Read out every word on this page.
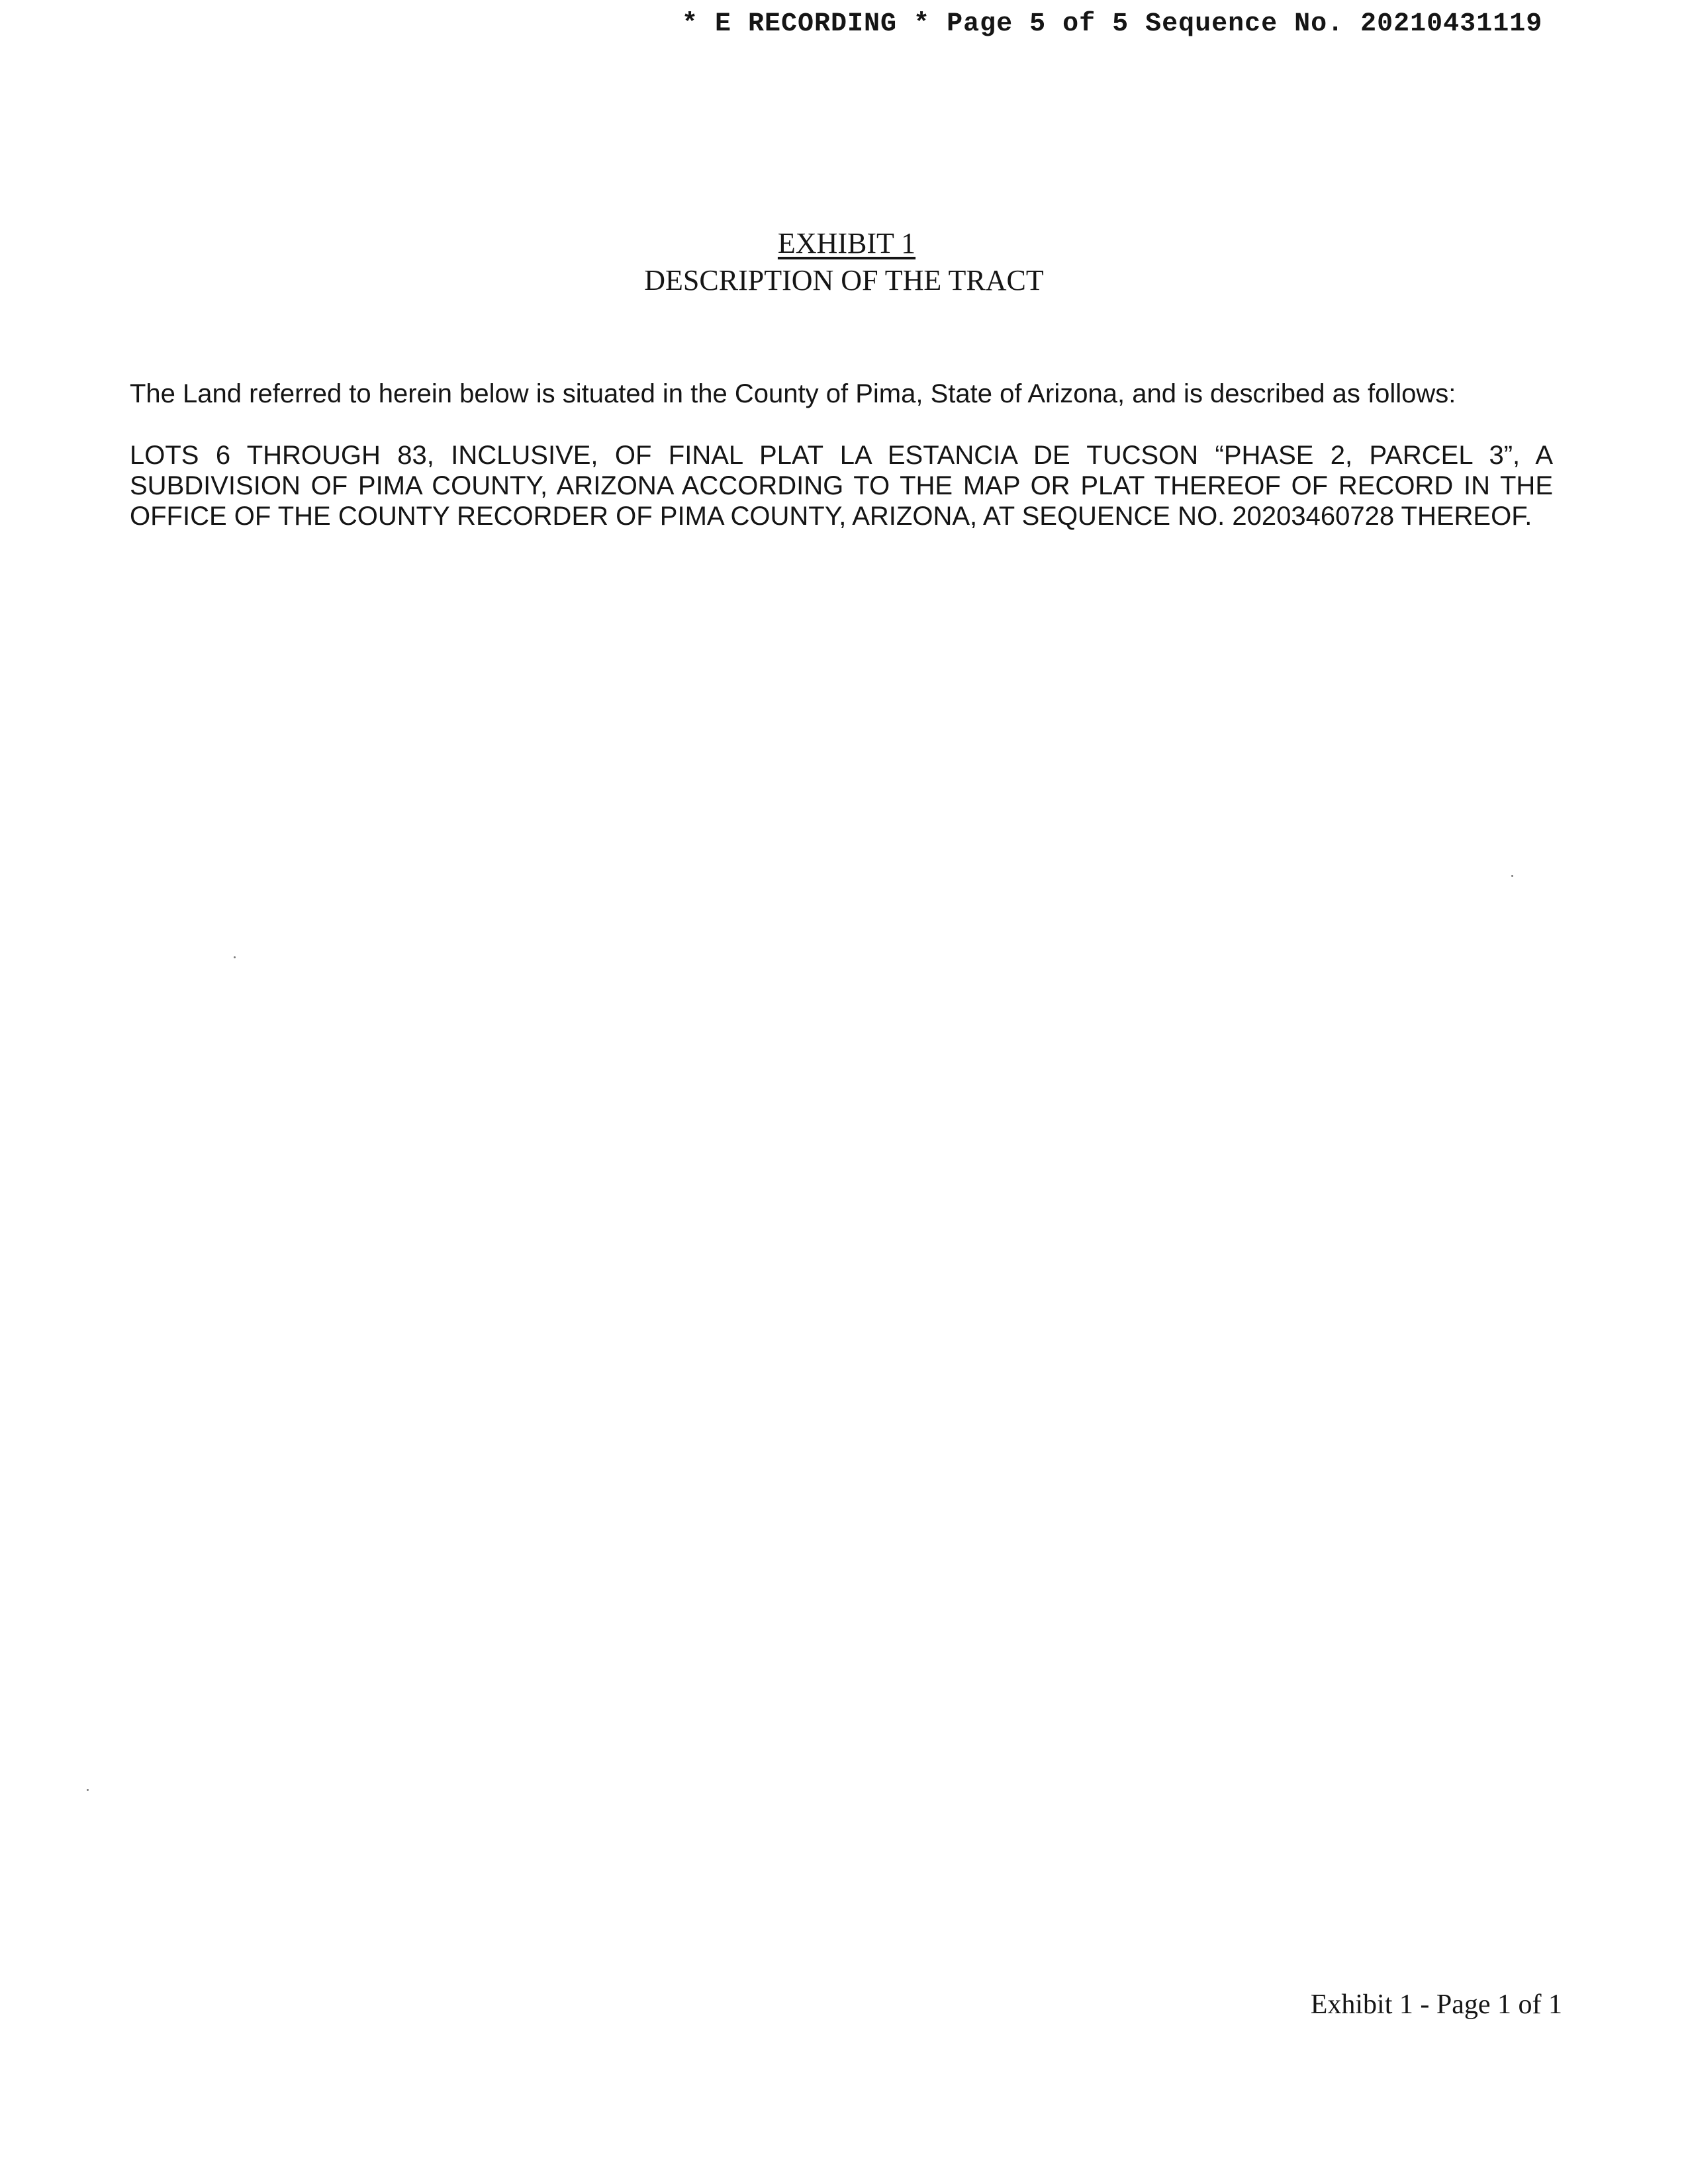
* E RECORDING * Page 5 of 5 Sequence No. 20210431119
EXHIBIT 1
DESCRIPTION OF THE TRACT
The Land referred to herein below is situated in the County of Pima, State of Arizona, and is described as follows:
LOTS 6 THROUGH 83, INCLUSIVE, OF FINAL PLAT LA ESTANCIA DE TUCSON “PHASE 2, PARCEL 3”, A
SUBDIVISION OF PIMA COUNTY, ARIZONA ACCORDING TO THE MAP OR PLAT THEREOF OF RECORD IN THE
OFFICE OF THE COUNTY RECORDER OF PIMA COUNTY, ARIZONA, AT SEQUENCE NO. 20203460728 THEREOF.
Exhibit 1 - Page 1 of 1
